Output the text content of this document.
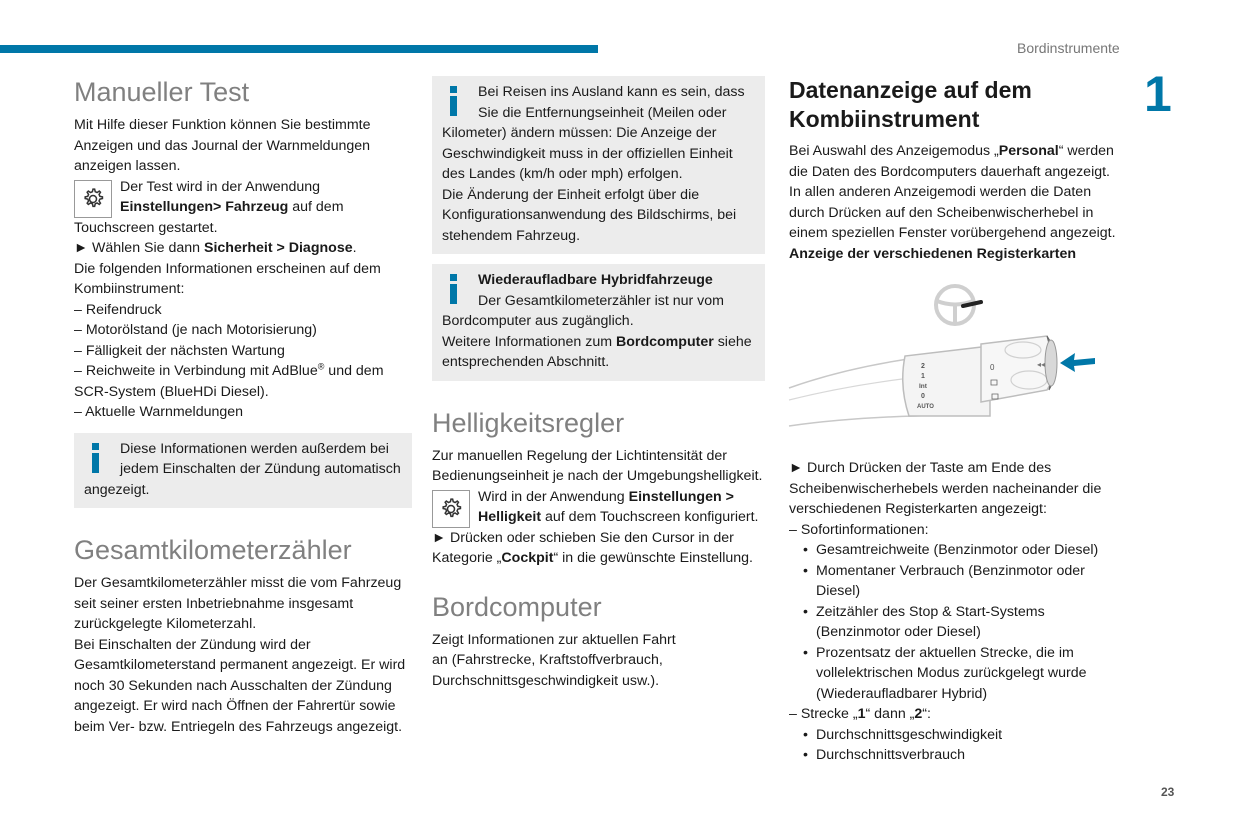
Bordinstrumente
1
23
Manueller Test

Mit Hilfe dieser Funktion können Sie bestimmte Anzeigen und das Journal der Warnmeldungen anzeigen lassen.

Der Test wird in der Anwendung Einstellungen> Fahrzeug auf dem Touchscreen gestartet.

► Wählen Sie dann Sicherheit > Diagnose.

Die folgenden Informationen erscheinen auf dem Kombiinstrument:

– Reifendruck
– Motorölstand (je nach Motorisierung)
– Fälligkeit der nächsten Wartung
– Reichweite in Verbindung mit AdBlue® und dem SCR-System (BlueHDi Diesel).
– Aktuelle Warnmeldungen
Diese Informationen werden außerdem bei jedem Einschalten der Zündung automatisch angezeigt.
Gesamtkilometerzähler

Der Gesamtkilometerzähler misst die vom Fahrzeug seit seiner ersten Inbetriebnahme insgesamt zurückgelegte Kilometerzahl.

Bei Einschalten der Zündung wird der Gesamtkilometerstand permanent angezeigt. Er wird noch 30 Sekunden nach Ausschalten der Zündung angezeigt. Er wird nach Öffnen der Fahrertür sowie beim Ver- bzw. Entriegeln des Fahrzeugs angezeigt.

Bei Reisen ins Ausland kann es sein, dass Sie die Entfernungseinheit (Meilen oder Kilometer) ändern müssen: Die Anzeige der Geschwindigkeit muss in der offiziellen Einheit des Landes (km/h oder mph) erfolgen.

Die Änderung der Einheit erfolgt über die Konfigurationsanwendung des Bildschirms, bei stehendem Fahrzeug.

Wiederaufladbare Hybridfahrzeuge

Der Gesamtkilometerzähler ist nur vom Bordcomputer aus zugänglich.

Weitere Informationen zum Bordcomputer siehe entsprechenden Abschnitt.

Helligkeitsregler

Zur manuellen Regelung der Lichtintensität der Bedienungseinheit je nach der Umgebungshelligkeit.

Wird in der Anwendung Einstellungen > Helligkeit auf dem Touchscreen konfiguriert.

► Drücken oder schieben Sie den Cursor in der Kategorie „Cockpit“ in die gewünschte Einstellung.

Bordcomputer

Zeigt Informationen zur aktuellen Fahrt an (Fahrstrecke, Kraftstoffverbrauch, Durchschnittsgeschwindigkeit usw.).

Datenanzeige auf dem Kombiinstrument

Bei Auswahl des Anzeigemodus „Personal“ werden die Daten des Bordcomputers dauerhaft angezeigt.

In allen anderen Anzeigemodi werden die Daten durch Drücken auf den Scheibenwischerhebel in einem speziellen Fenster vorübergehend angezeigt.

Anzeige der verschiedenen Registerkarten

0	◂◂
2
1
Int
0
AUTO

► Durch Drücken der Taste am Ende des Scheibenwischerhebels werden nacheinander die verschiedenen Registerkarten angezeigt:

– Sofortinformationen:
• Gesamtreichweite (Benzinmotor oder Diesel)
• Momentaner Verbrauch (Benzinmotor oder Diesel)
• Zeitzähler des Stop & Start-Systems (Benzinmotor oder Diesel)
• Prozentsatz der aktuellen Strecke, die im vollelektrischen Modus zurückgelegt wurde (Wiederaufladbarer Hybrid)
– Strecke „1“ dann „2“:
• Durchschnittsgeschwindigkeit
• Durchschnittsverbrauch
